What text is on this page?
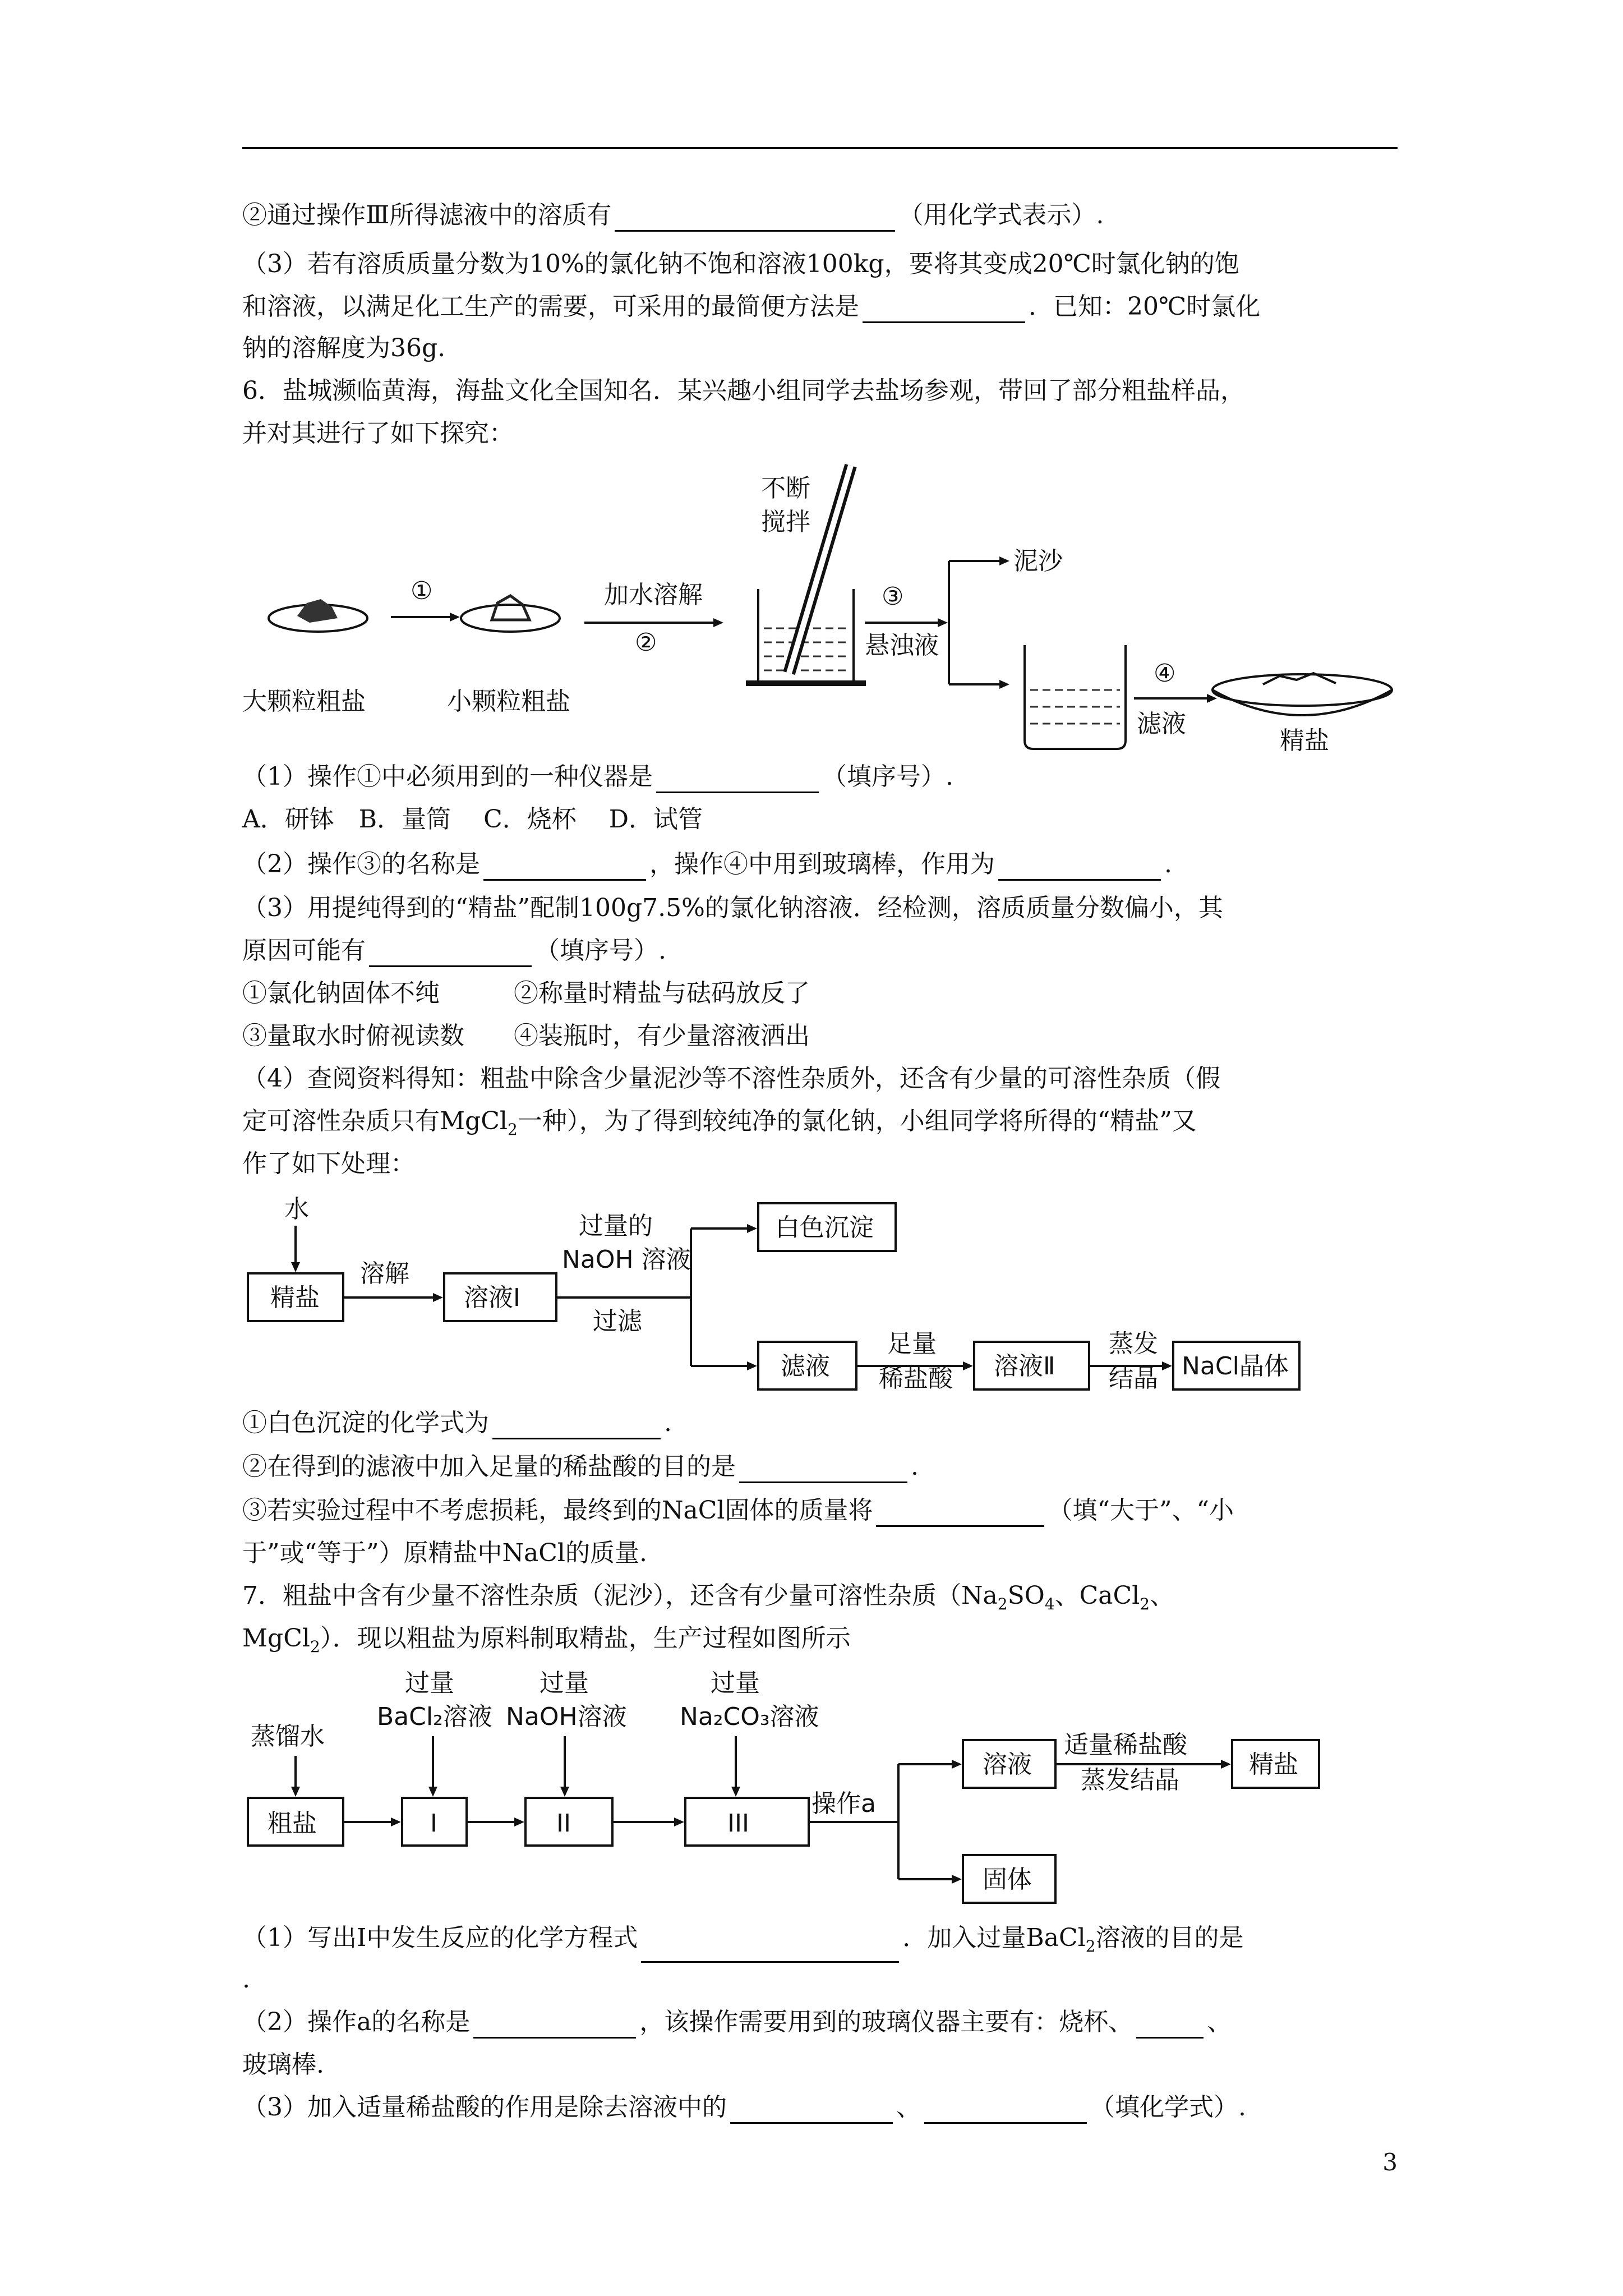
②通过操作Ⅲ所得滤液中的溶质有	（用化学式表示）.
（3）若有溶质质量分数为10%的氯化钠不饱和溶液100kg，要将其变成20℃时氯化钠的饱
和溶液，以满足化工生产的需要，可采用的最简便方法是	．已知：20℃时氯化
钠的溶解度为36g.
6．盐城濒临黄海，海盐文化全国知名．某兴趣小组同学去盐场参观，带回了部分粗盐样品，
并对其进行了如下探究：
①	加水溶解
②
不断
搅拌
③
悬浊液
泥沙
④
滤液
精盐
大颗粒粗盐	小颗粒粗盐
（1）操作①中必须用到的一种仪器是	（填序号）.
A．研钵　B．量筒　 C．烧杯　 D．试管
（2）操作③的名称是	，操作④中用到玻璃棒，作用为	.
（3）用提纯得到的“精盐”配制100g7.5%的氯化钠溶液．经检测，溶质质量分数偏小，其
原因可能有	（填序号）.
①氯化钠固体不纯　　　②称量时精盐与砝码放反了
③量取水时俯视读数　　④装瓶时，有少量溶液洒出
（4）查阅资料得知：粗盐中除含少量泥沙等不溶性杂质外，还含有少量的可溶性杂质（假
定可溶性杂质只有MgCl$_2$一种），为了得到较纯净的氯化钠，小组同学将所得的“精盐”又
作了如下处理：
水
精盐
溶解
溶液Ⅰ
过量的
NaOH 溶液
过滤
白色沉淀
滤液
足量
稀盐酸 溶液Ⅱ
蒸发
结晶 NaCl晶体
①白色沉淀的化学式为	.
②在得到的滤液中加入足量的稀盐酸的目的是	.
③若实验过程中不考虑损耗，最终到的NaCl固体的质量将	（填“大于”、“小
于”或“等于”）原精盐中NaCl的质量.
7．粗盐中含有少量不溶性杂质（泥沙），还含有少量可溶性杂质（$Na_2SO_4$、CaCl$_2$、
MgCl$_2$）．现以粗盐为原料制取精盐，生产过程如图所示
蒸馏水
粗盐
过量
BaCl₂溶液
I
过量
NaOH溶液
II
过量
Na₂CO₃溶液
III
操作a
溶液
固体
适量稀盐酸
蒸发结晶
精盐
（1）写出Ⅰ中发生反应的化学方程式	．加入过量BaCl$_2$溶液的目的是
.
（2）操作a的名称是	，该操作需要用到的玻璃仪器主要有：烧杯、	、
玻璃棒.
（3）加入适量稀盐酸的作用是除去溶液中的	、	（填化学式）.
3
